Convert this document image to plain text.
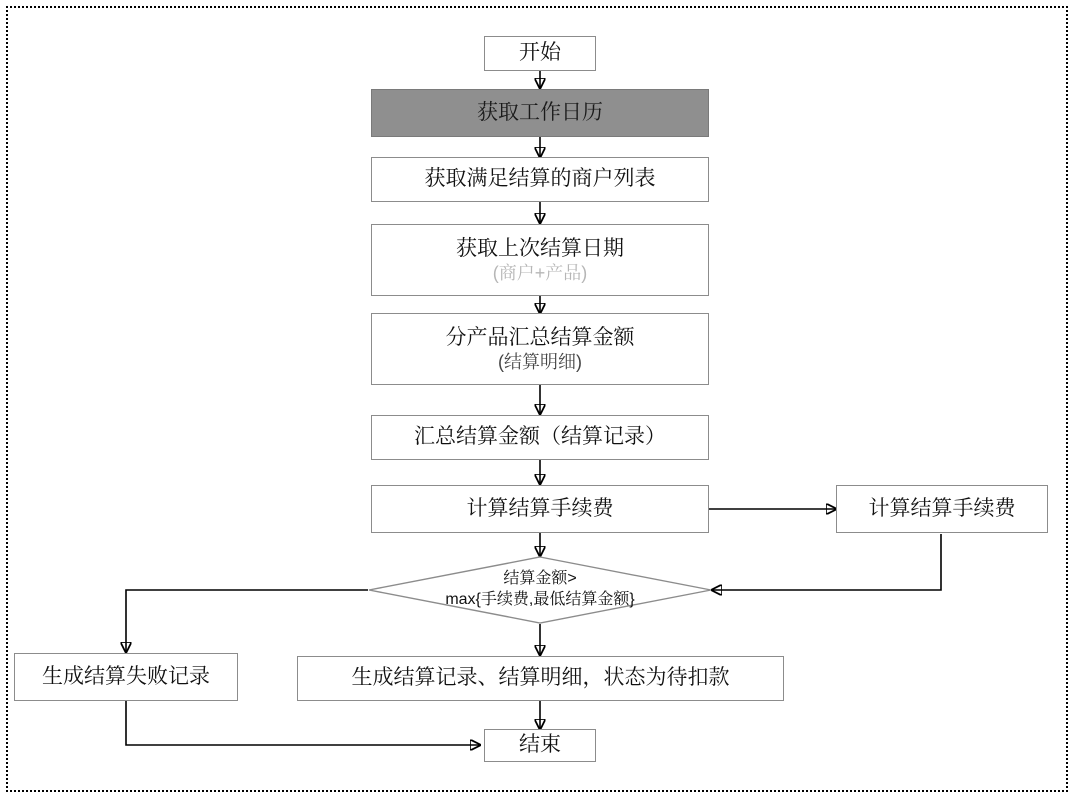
开始
获取工作日历
获取满足结算的商户列表
获取上次结算日期
(商户+产品)
分产品汇总结算金额
(结算明细)
汇总结算金额（结算记录）
计算结算手续费	计算结算手续费
结算金额>
max{手续费,最低结算金额}
生成结算失败记录	生成结算记录、结算明细，状态为待扣款
结束
